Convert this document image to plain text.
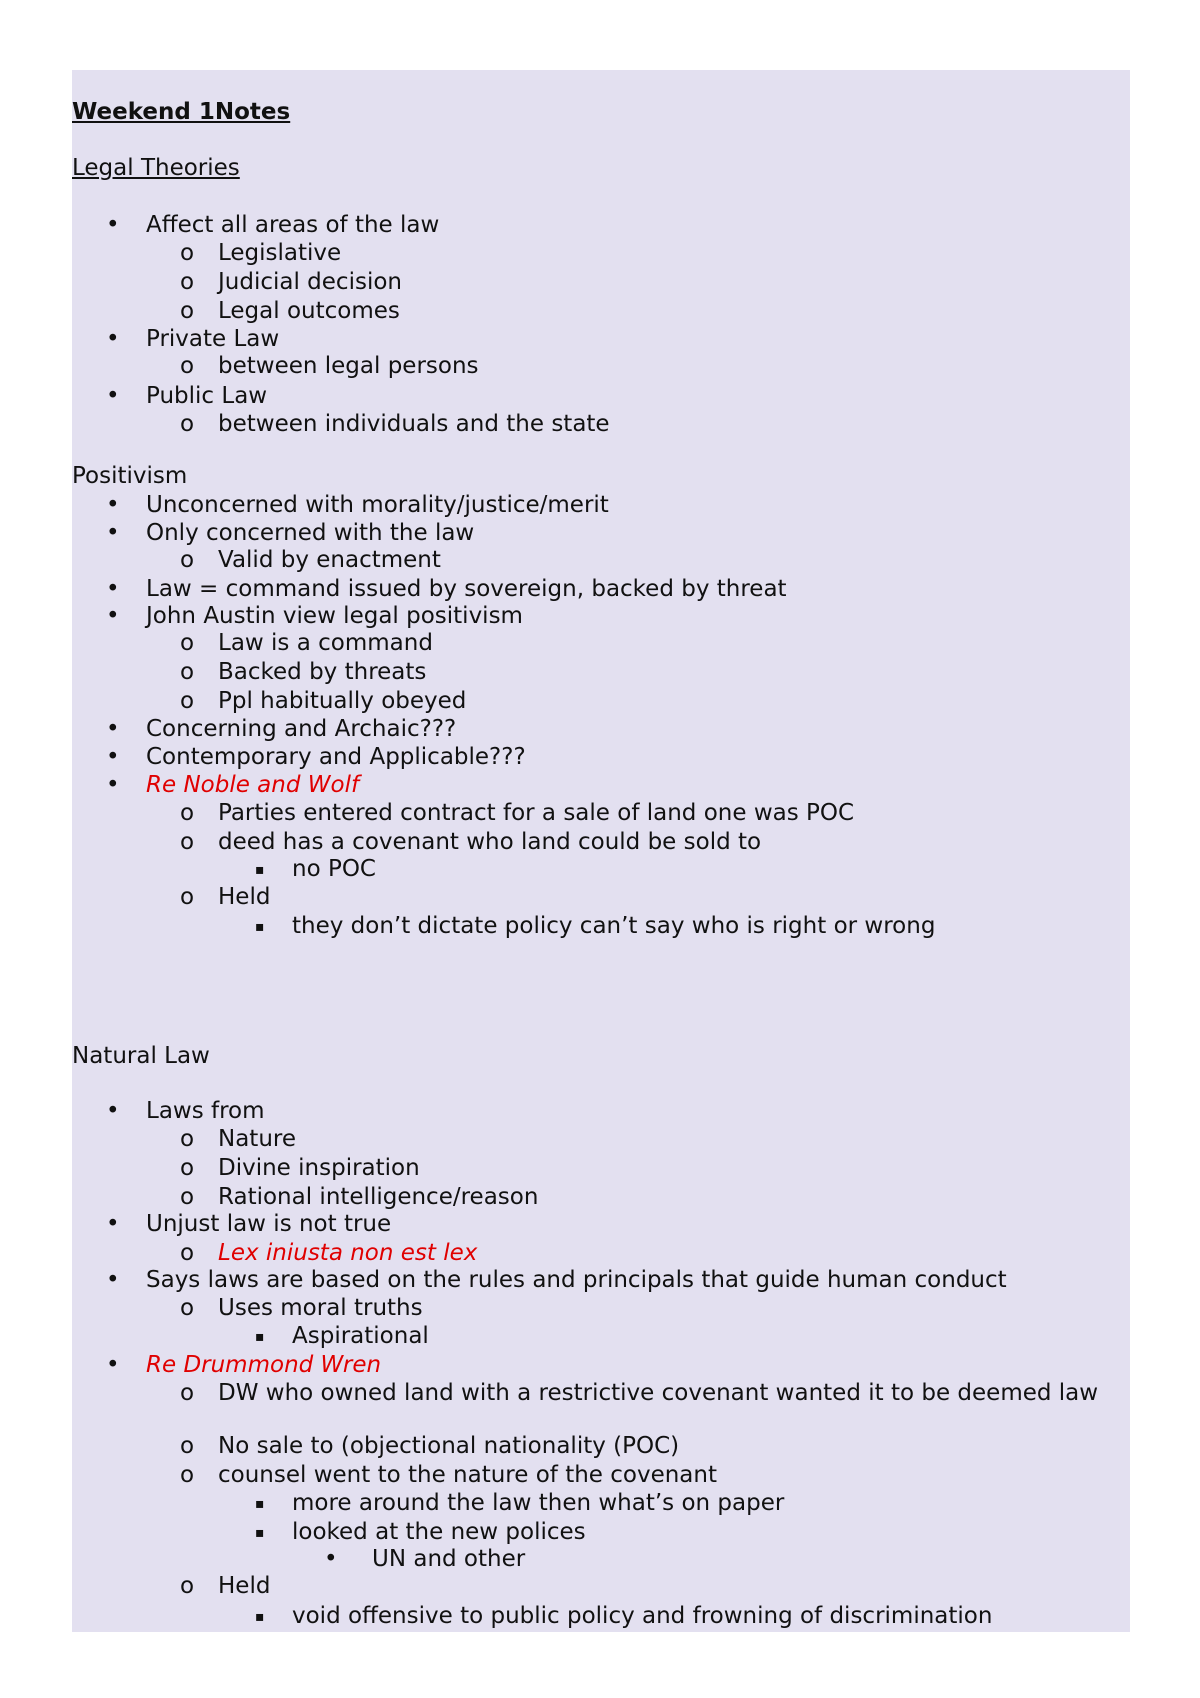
Weekend 1Notes
Legal Theories
• Affect all areas of the law
o Legislative
o Judicial decision
o Legal outcomes
• Private Law
o between legal persons
• Public Law
o between individuals and the state
Positivism
• Unconcerned with morality/justice/merit
• Only concerned with the law
o Valid by enactment
• Law = command issued by sovereign, backed by threat
• John Austin view legal positivism
o Law is a command
o Backed by threats
o Ppl habitually obeyed
• Concerning and Archaic???
• Contemporary and Applicable???
• Re Noble and Wolf
o Parties entered contract for a sale of land one was POC
o deed has a covenant who land could be sold to
▪ no POC
o Held
▪ they don’t dictate policy can’t say who is right or wrong
Natural Law
• Laws from
o Nature
o Divine inspiration
o Rational intelligence/reason
• Unjust law is not true
o Lex iniusta non est lex
• Says laws are based on the rules and principals that guide human conduct
o Uses moral truths
▪ Aspirational
• Re Drummond Wren
o DW who owned land with a restrictive covenant wanted it to be deemed law
o No sale to (objectional nationality (POC)
o counsel went to the nature of the covenant
▪ more around the law then what’s on paper
▪ looked at the new polices
• UN and other
o Held
▪ void offensive to public policy and frowning of discrimination
